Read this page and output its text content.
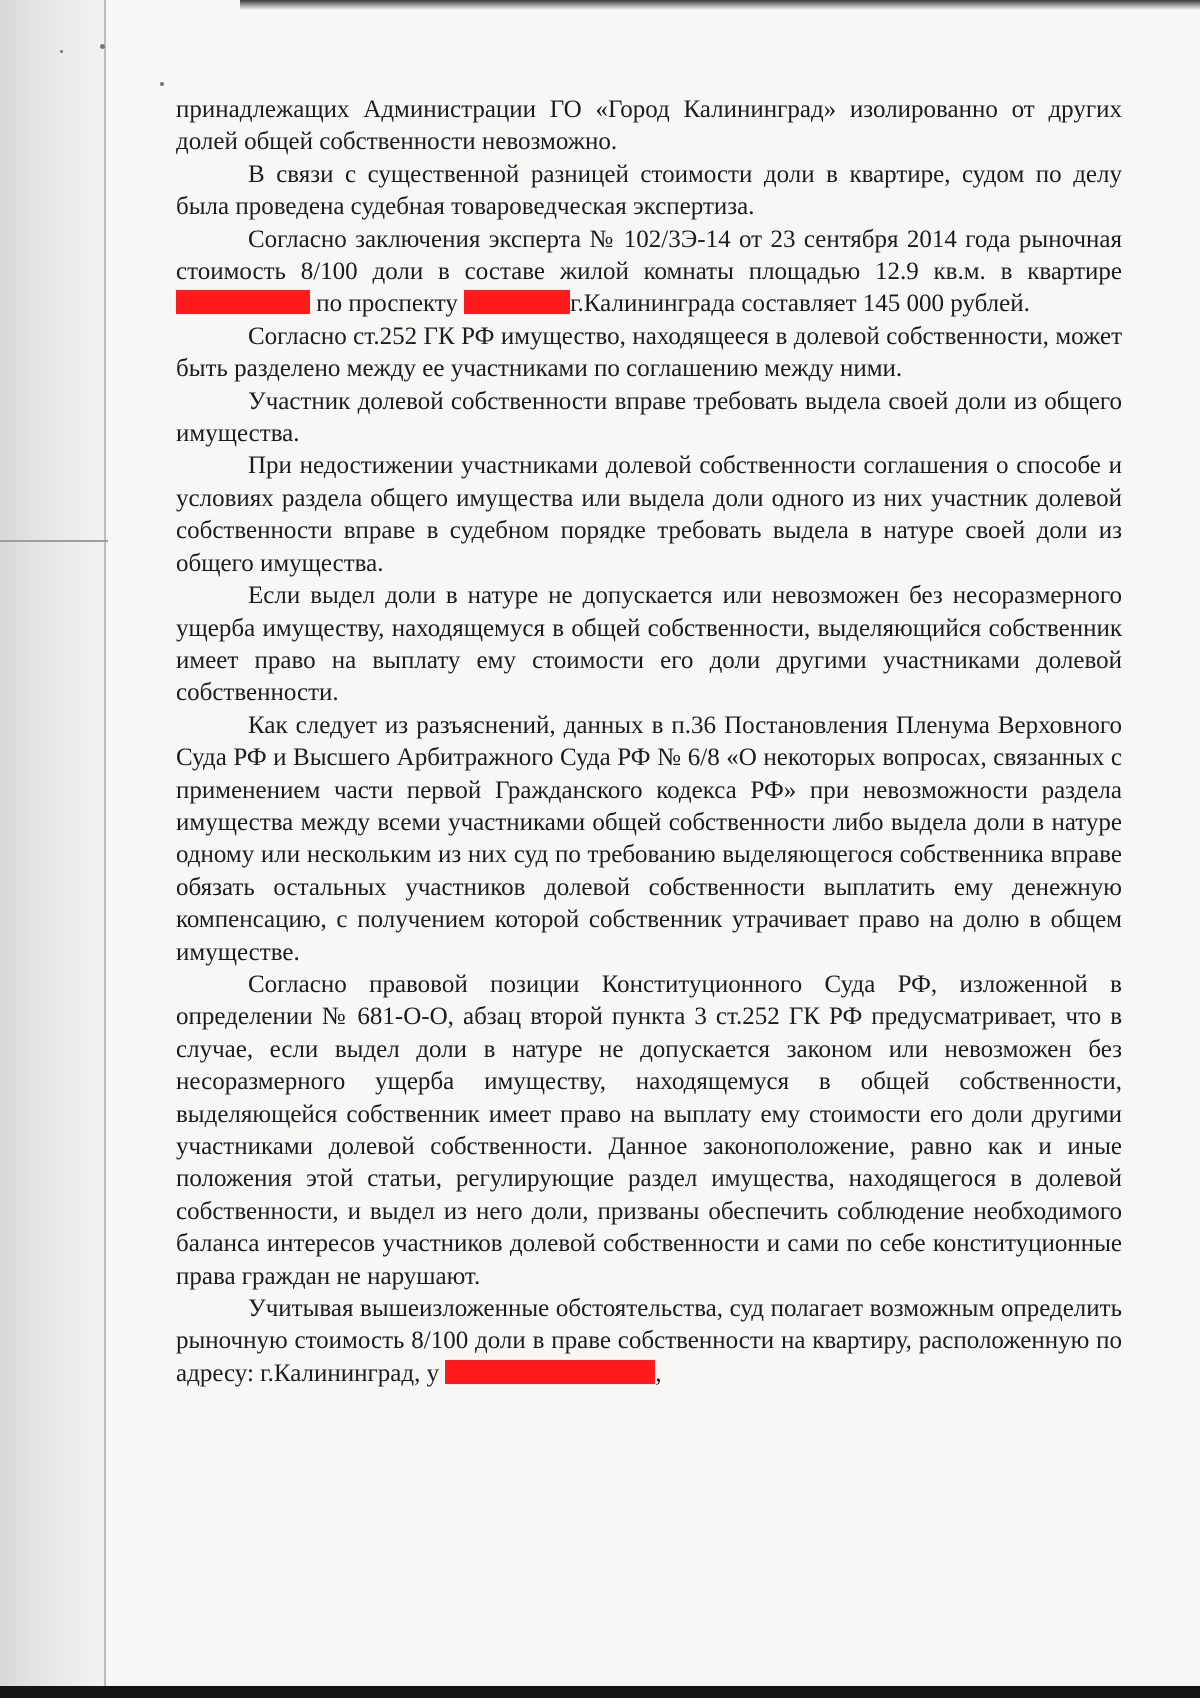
принадлежащих Администрации ГО «Город Калининград» изолированно от других долей общей собственности невозможно.

В связи с существенной разницей стоимости доли в квартире, судом по делу была проведена судебная товароведческая экспертиза.

Согласно заключения эксперта № 102/3Э-14 от 23 сентября 2014 года рыночная стоимость 8/100 доли в составе жилой комнаты площадью 12.9 кв.м. в квартире  по проспекту	г.Калининграда составляет 145 000 рублей.

Согласно ст.252 ГК РФ имущество, находящееся в долевой собственности, может быть разделено между ее участниками по соглашению между ними.

Участник долевой собственности вправе требовать выдела своей доли из общего имущества.

При недостижении участниками долевой собственности соглашения о способе и условиях раздела общего имущества или выдела доли одного из них участник долевой собственности вправе в судебном порядке требовать выдела в натуре своей доли из общего имущества.

Если выдел доли в натуре не допускается или невозможен без несоразмерного ущерба имуществу, находящемуся в общей собственности, выделяющийся собственник имеет право на выплату ему стоимости его доли другими участниками долевой собственности.

Как следует из разъяснений, данных в п.36 Постановления Пленума Верховного Суда РФ и Высшего Арбитражного Суда РФ № 6/8 «О некоторых вопросах, связанных с применением части первой Гражданского кодекса РФ» при невозможности раздела имущества между всеми участниками общей собственности либо выдела доли в натуре одному или нескольким из них суд по требованию выделяющегося собственника вправе обязать остальных участников долевой собственности выплатить ему денежную компенсацию, с получением которой собственник утрачивает право на долю в общем имуществе.

Согласно правовой позиции Конституционного Суда РФ, изложенной в определении № 681-О-О, абзац второй пункта 3 ст.252 ГК РФ предусматривает, что в случае, если выдел доли в натуре не допускается законом или невозможен без несоразмерного ущерба имуществу, находящемуся в общей собственности, выделяющейся собственник имеет право на выплату ему стоимости его доли другими участниками долевой собственности. Данное законоположение, равно как и иные положения этой статьи, регулирующие раздел имущества, находящегося в долевой собственности, и выдел из него доли, призваны обеспечить соблюдение необходимого баланса интересов участников долевой собственности и сами по себе конституционные права граждан не нарушают.

Учитывая вышеизложенные обстоятельства, суд полагает возможным определить рыночную стоимость 8/100 доли в праве собственности на квартиру, расположенную по адресу: г.Калининград, у	,
